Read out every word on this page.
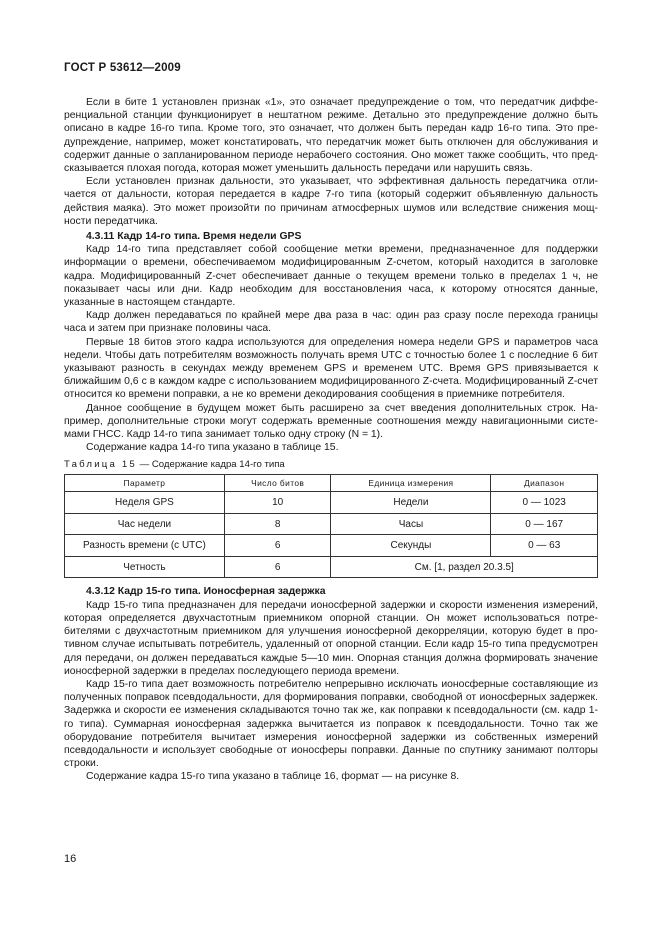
ГОСТ Р 53612—2009

Если в бите 1 установлен признак «1», это означает предупреждение о том, что передатчик дифференциальной станции функционирует в нештатном режиме. Детально это предупреждение должно быть описано в кадре 16-го типа. Кроме того, это означает, что должен быть передан кадр 16-го типа. Это предупреждение, например, может констатировать, что передатчик может быть отключен для обслуживания и содержит данные о запланированном периоде нерабочего состояния. Оно может также сообщить, что предсказывается плохая погода, которая может уменьшить дальность передачи или нарушить связь.

Если установлен признак дальности, это указывает, что эффективная дальность передатчика отличается от дальности, которая передается в кадре 7-го типа (который содержит объявленную дальность действия маяка). Это может произойти по причинам атмосферных шумов или вследствие снижения мощности передатчика.

4.3.11 Кадр 14-го типа. Время недели GPS

Кадр 14-го типа представляет собой сообщение метки времени, предназначенное для поддержки информации о времени, обеспечиваемом модифицированным Z-счетом, который находится в заголовке кадра. Модифицированный Z-счет обеспечивает данные о текущем времени только в пределах 1 ч, не показывает часы или дни. Кадр необходим для восстановления часа, к которому относятся данные, указанные в настоящем стандарте.

Кадр должен передаваться по крайней мере два раза в час: один раз сразу после перехода границы часа и затем при признаке половины часа.

Первые 18 битов этого кадра используются для определения номера недели GPS и параметров часа недели. Чтобы дать потребителям возможность получать время UTC с точностью более 1 с последние 6 бит указывают разность в секундах между временем GPS и временем UTC. Время GPS привязывается к ближайшим 0,6 с в каждом кадре с использованием модифицированного Z-счета. Модифицированный Z-счет относится ко времени поправки, а не ко времени декодирования сообщения в приемнике потребителя.

Данное сообщение в будущем может быть расширено за счет введения дополнительных строк. Например, дополнительные строки могут содержать временные соотношения между навигационными системами ГНСС. Кадр 14-го типа занимает только одну строку (N = 1).

Содержание кадра 14-го типа указано в таблице 15.

Таблица 15 — Содержание кадра 14-го типа
Параметр	Число битов	Единица измерения	Диапазон
Неделя GPS	10	Недели	0 — 1023
Час недели	8	Часы	0 — 167
Разность времени (с UTC)	6	Секунды	0 — 63
Четность	6	См. [1, раздел 20.3.5]	
4.3.12 Кадр 15-го типа. Ионосферная задержка

Кадр 15-го типа предназначен для передачи ионосферной задержки и скорости изменения измерений, которая определяется двухчастотным приемником опорной станции. Он может использоваться потребителями с двухчастотным приемником для улучшения ионосферной декорреляции, которую будет в противном случае испытывать потребитель, удаленный от опорной станции. Если кадр 15-го типа предусмотрен для передачи, он должен передаваться каждые 5—10 мин. Опорная станция должна формировать значение ионосферной задержки в пределах последующего периода времени.

Кадр 15-го типа дает возможность потребителю непрерывно исключать ионосферные составляющие из полученных поправок псевдодальности, для формирования поправки, свободной от ионосферных задержек. Задержка и скорости ее изменения складываются точно так же, как поправки к псевдодальности (см. кадр 1-го типа). Суммарная ионосферная задержка вычитается из поправок к псевдодальности. Точно так же оборудование потребителя вычитает измерения ионосферной задержки из собственных измерений псевдодальности и использует свободные от ионосферы поправки. Данные по спутнику занимают полторы строки.

Содержание кадра 15-го типа указано в таблице 16, формат — на рисунке 8.

16
